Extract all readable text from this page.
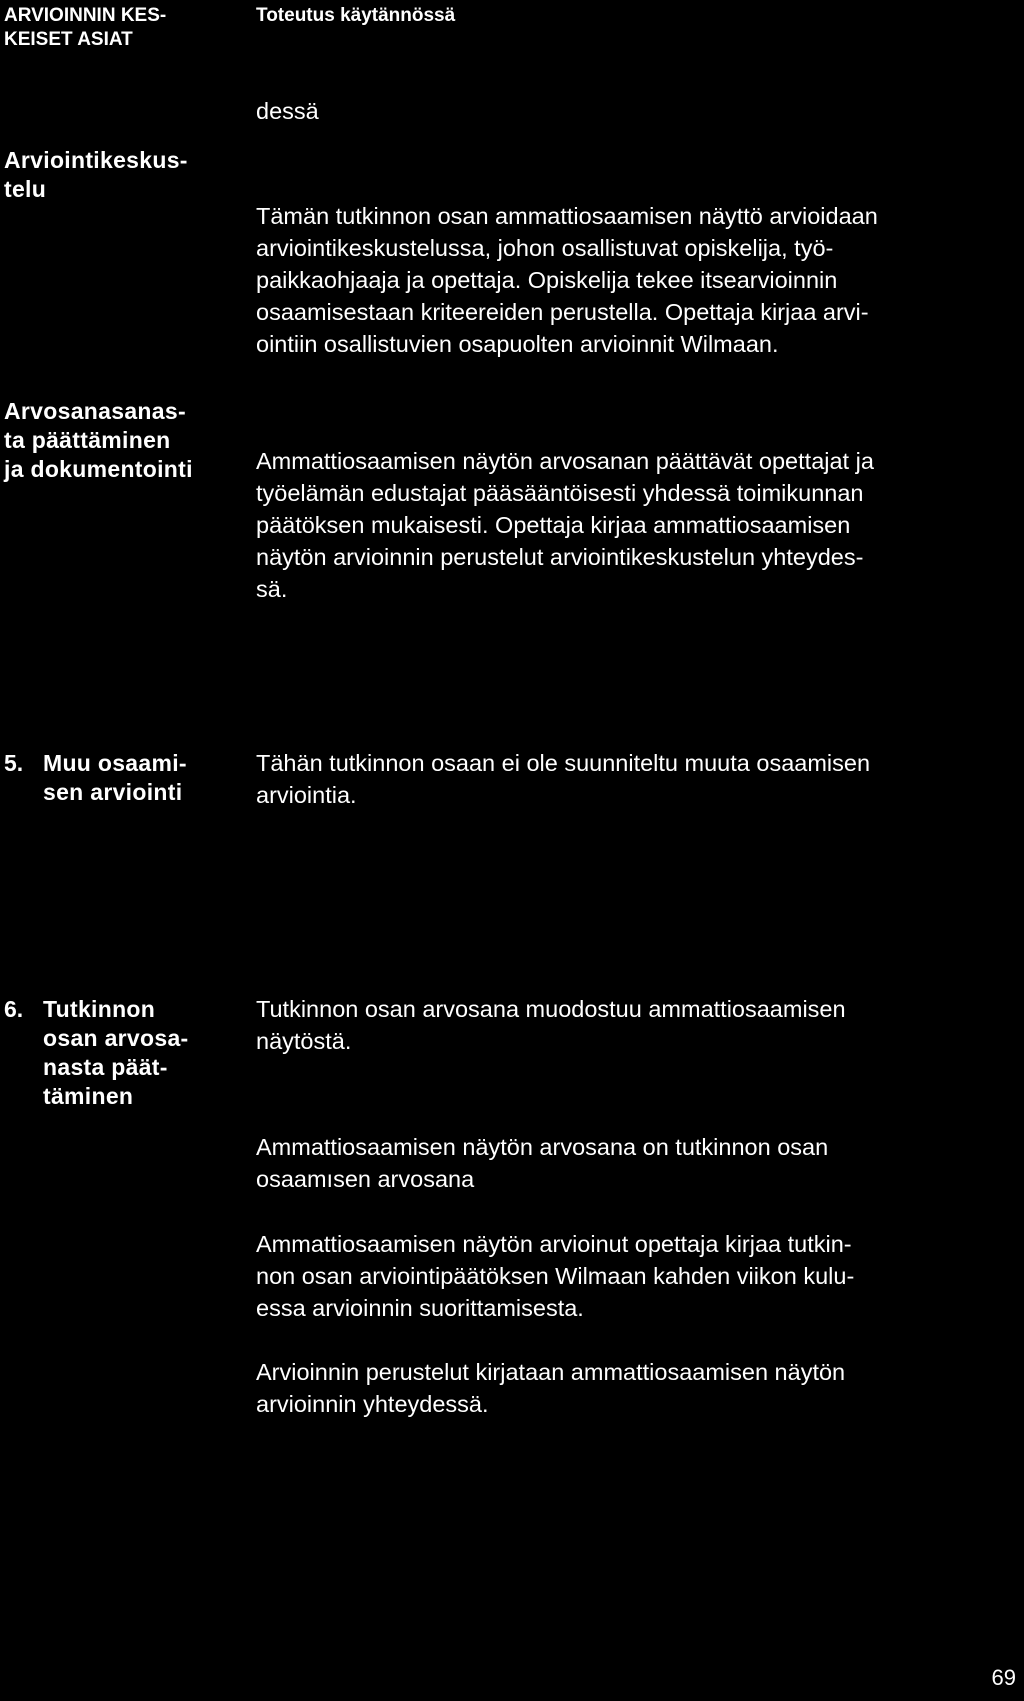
ARVIOINNIN KES-
KEISET ASIAT
Toteutus käytännössä
dessä
Arviointikeskus-
telu
Tämän tutkinnon osan ammattiosaamisen näyttö arvioidaan
arviointikeskustelussa, johon osallistuvat opiskelija, työ-
paikkaohjaaja ja opettaja. Opiskelija tekee itsearvioinnin
osaamisestaan kriteereiden perustella. Opettaja kirjaa arvi-
ointiin osallistuvien osapuolten arvioinnit Wilmaan.
Arvosanasanas-
ta päättäminen
ja dokumentointi	Ammattiosaamisen näytön arvosanan päättävät opettajat ja
työelämän edustajat pääsääntöisesti yhdessä toimikunnan
päätöksen mukaisesti. Opettaja kirjaa ammattiosaamisen
näytön arvioinnin perustelut arviointikeskustelun yhteydes-
sä.
5. Muu osaami-
sen arviointi
Tähän tutkinnon osaan ei ole suunniteltu muuta osaamisen
arviointia.
6. Tutkinnon
osan arvosa-
nasta päät-
täminen
Tutkinnon osan arvosana muodostuu ammattiosaamisen
näytöstä.
Ammattiosaamisen näytön arvosana on tutkinnon osan
osaamısen arvosana
Ammattiosaamisen näytön arvioinut opettaja kirjaa tutkin-
non osan arviointipäätöksen Wilmaan kahden viikon kulu-
essa arvioinnin suorittamisesta.
Arvioinnin perustelut kirjataan ammattiosaamisen näytön
arvioinnin yhteydessä.
69
